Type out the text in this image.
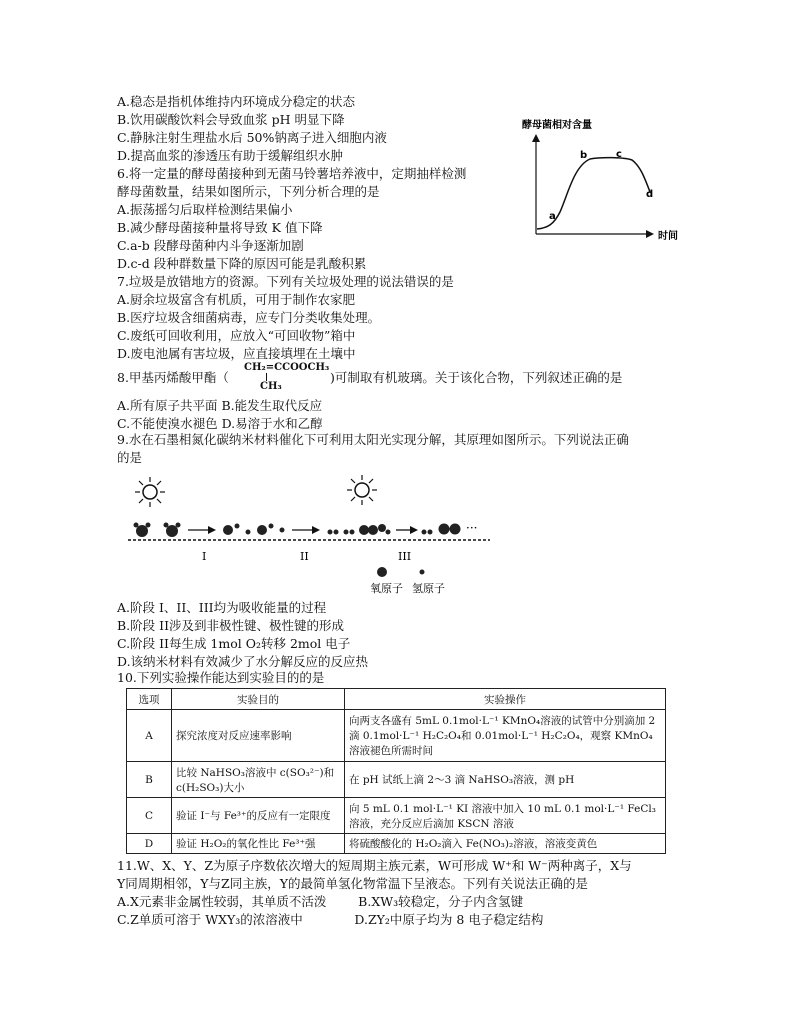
A.稳态是指机体维持内环境成分稳定的状态
B.饮用碳酸饮料会导致血浆 pH 明显下降
C.静脉注射生理盐水后 50%钠离子进入细胞内液
D.提高血浆的渗透压有助于缓解组织水肿
6.将一定量的酵母菌接种到无菌马铃薯培养液中，定期抽样检测
酵母菌数量，结果如图所示，下列分析合理的是
A.振荡摇匀后取样检测结果偏小
B.减少酵母菌接种量将导致 K 值下降
C.a-b 段酵母菌种内斗争逐渐加剧
D.c-d 段种群数量下降的原因可能是乳酸积累
酵母菌相对含量
时间
a
b	c
d
7.垃圾是放错地方的资源。下列有关垃圾处理的说法错误的是
A.厨余垃圾富含有机质，可用于制作农家肥
B.医疗垃圾含细菌病毒，应专门分类收集处理。
C.废纸可回收利用，应放入“可回收物”箱中
D.废电池属有害垃圾，应直接填埋在土壤中
8.甲基丙烯酸甲酯（
CH₂=CCOOCH₃
CH₃
)可制取有机玻璃。关于该化合物，下列叙述正确的是
A.所有原子共平面 B.能发生取代反应
C.不能使溴水褪色 D.易溶于水和乙醇
9.水在石墨相氮化碳纳米材料催化下可利用太阳光实现分解，其原理如图所示。下列说法正确
的是
···
I	II	III
氧原子 氢原子
A.阶段 I、II、III均为吸收能量的过程
B.阶段 II涉及到非极性键、极性键的形成
C.阶段 II每生成 1mol O₂转移 2mol 电子
D.该纳米材料有效减少了水分解反应的反应热
10.下列实验操作能达到实验目的的是
选项	实验目的	实验操作
A	探究浓度对反应速率影响	向两支各盛有 5mL 0.1mol·L⁻¹ KMnO₄溶液的试管中分别滴加 2 滴 0.1mol·L⁻¹ H₂C₂O₄和 0.01mol·L⁻¹ H₂C₂O₄，观察 KMnO₄溶液褪色所需时间
B	比较 NaHSO₃溶液中 c(SO₃²⁻)和 c(H₂SO₃)大小	在 pH 试纸上滴 2～3 滴 NaHSO₃溶液，测 pH
C	验证 I⁻与 Fe³⁺的反应有一定限度	向 5 mL 0.1 mol·L⁻¹ KI 溶液中加入 10 mL 0.1 mol·L⁻¹ FeCl₃溶液，充分反应后滴加 KSCN 溶液
D	验证 H₂O₂的氧化性比 Fe³⁺强	将硫酸酸化的 H₂O₂滴入 Fe(NO₃)₂溶液，溶液变黄色
11.W、X、Y、Z为原子序数依次增大的短周期主族元素，W可形成 W⁺和 W⁻两种离子，X与
Y同周期相邻，Y与Z同主族，Y的最简单氢化物常温下呈液态。下列有关说法正确的是
A.X元素非金属性较弱，其单质不活泼        B.XW₃较稳定，分子内含氢键
C.Z单质可溶于 WXY₃的浓溶液中             D.ZY₂中原子均为 8 电子稳定结构
